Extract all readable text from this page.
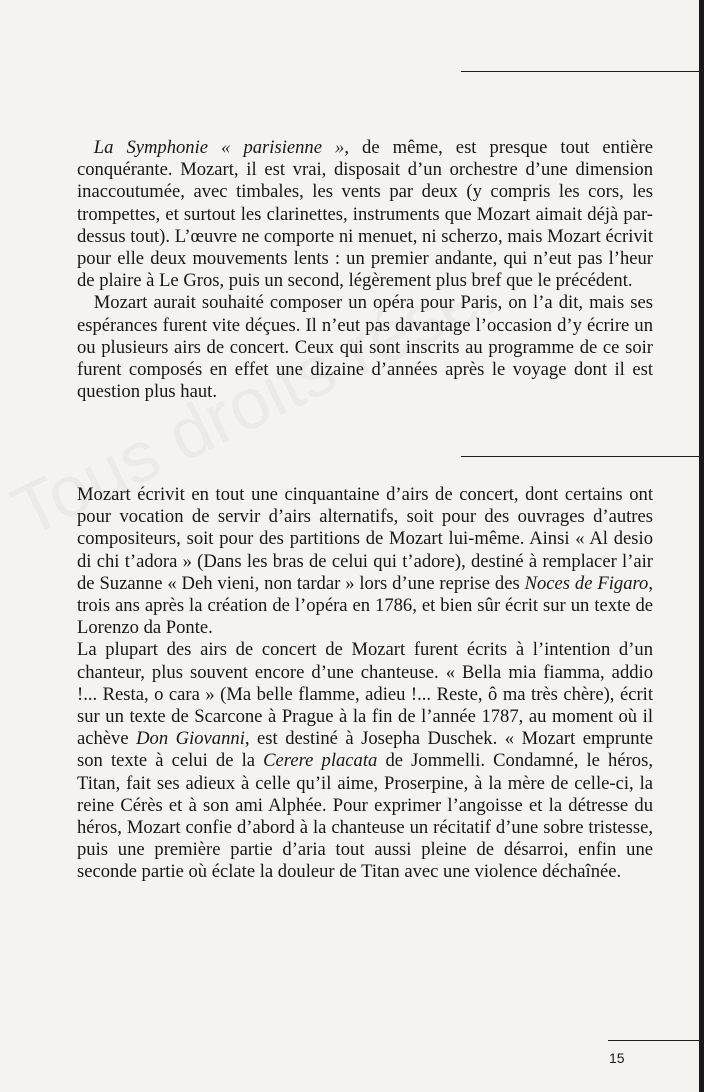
La Symphonie « parisienne », de même, est presque tout entière conquérante. Mozart, il est vrai, disposait d’un orchestre d’une dimension inaccoutumée, avec timbales, les vents par deux (y compris les cors, les trompettes, et surtout les clarinettes, instruments que Mozart aimait déjà par-dessus tout). L’œuvre ne comporte ni menuet, ni scherzo, mais Mozart écrivit pour elle deux mouvements lents : un premier andante, qui n’eut pas l’heur de plaire à Le Gros, puis un second, légèrement plus bref que le précédent.

Mozart aurait souhaité composer un opéra pour Paris, on l’a dit, mais ses espérances furent vite déçues. Il n’eut pas davantage l’occasion d’y écrire un ou plusieurs airs de concert. Ceux qui sont inscrits au programme de ce soir furent composés en effet une dizaine d’années après le voyage dont il est question plus haut.

Mozart écrivit en tout une cinquantaine d’airs de concert, dont certains ont pour vocation de servir d’airs alternatifs, soit pour des ouvrages d’autres compositeurs, soit pour des partitions de Mozart lui-même. Ainsi « Al desio di chi t’adora » (Dans les bras de celui qui t’adore), destiné à remplacer l’air de Suzanne « Deh vieni, non tardar » lors d’une reprise des Noces de Figaro, trois ans après la création de l’opéra en 1786, et bien sûr écrit sur un texte de Lorenzo da Ponte.

La plupart des airs de concert de Mozart furent écrits à l’intention d’un chanteur, plus souvent encore d’une chanteuse. « Bella mia fiamma, addio !... Resta, o cara » (Ma belle flamme, adieu !... Reste, ô ma très chère), écrit sur un texte de Scarcone à Prague à la fin de l’année 1787, au moment où il achève Don Giovanni, est destiné à Josepha Duschek. « Mozart emprunte son texte à celui de la Cerere placata de Jommelli. Condamné, le héros, Titan, fait ses adieux à celle qu’il aime, Proserpine, à la mère de celle-ci, la reine Cérès et à son ami Alphée. Pour exprimer l’angoisse et la détresse du héros, Mozart confie d’abord à la chanteuse un récitatif d’une sobre tristesse, puis une première partie d’aria tout aussi pleine de désarroi, enfin une seconde partie où éclate la douleur de Titan avec une violence déchaînée.

15
